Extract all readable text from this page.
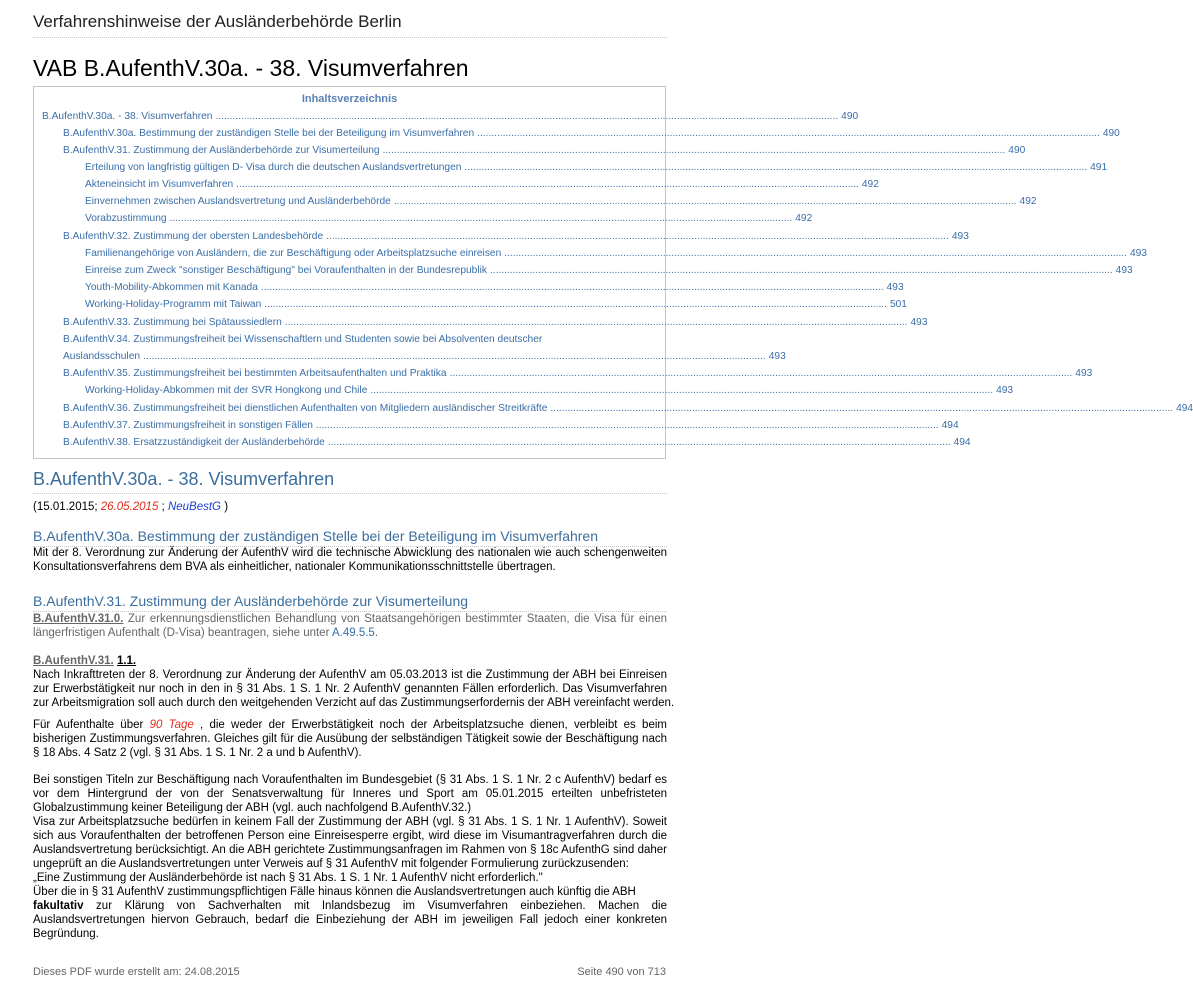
Verfahrenshinweise der Ausländerbehörde Berlin
VAB B.AufenthV.30a. - 38. Visumverfahren
Inhaltsverzeichnis
B.AufenthV.30a. - 38. Visumverfahren ............................................................................................................................................................................................................................ 490
B.AufenthV.30a. Bestimmung der zuständigen Stelle bei der Beteiligung im Visumverfahren ............................................................................................................................................................................................................................ 490
B.AufenthV.31. Zustimmung der Ausländerbehörde zur Visumerteilung ............................................................................................................................................................................................................................ 490
Erteilung von langfristig gültigen D- Visa durch die deutschen Auslandsvertretungen ............................................................................................................................................................................................................................ 491
Akteneinsicht im Visumverfahren ............................................................................................................................................................................................................................ 492
Einvernehmen zwischen Auslandsvertretung und Ausländerbehörde ............................................................................................................................................................................................................................ 492
Vorabzustimmung ............................................................................................................................................................................................................................ 492
B.AufenthV.32. Zustimmung der obersten Landesbehörde ............................................................................................................................................................................................................................ 493
Familienangehörige von Ausländern, die zur Beschäftigung oder Arbeitsplatzsuche einreisen ............................................................................................................................................................................................................................ 493
Einreise zum Zweck "sonstiger Beschäftigung" bei Voraufenthalten in der Bundesrepublik ............................................................................................................................................................................................................................ 493
Youth-Mobility-Abkommen mit Kanada ............................................................................................................................................................................................................................ 493
Working-Holiday-Programm mit Taiwan ............................................................................................................................................................................................................................ 501
B.AufenthV.33. Zustimmung bei Spätaussiedlern ............................................................................................................................................................................................................................ 493
B.AufenthV.34. Zustimmungsfreiheit bei Wissenschaftlern und Studenten sowie bei Absolventen deutscher
Auslandsschulen ............................................................................................................................................................................................................................ 493
B.AufenthV.35. Zustimmungsfreiheit bei bestimmten Arbeitsaufenthalten und Praktika ............................................................................................................................................................................................................................ 493
Working-Holiday-Abkommen mit der SVR Hongkong und Chile ............................................................................................................................................................................................................................ 493
B.AufenthV.36. Zustimmungsfreiheit bei dienstlichen Aufenthalten von Mitgliedern ausländischer Streitkräfte ............................................................................................................................................................................................................................ 494
B.AufenthV.37. Zustimmungsfreiheit in sonstigen Fällen ............................................................................................................................................................................................................................ 494
B.AufenthV.38. Ersatzzuständigkeit der Ausländerbehörde ............................................................................................................................................................................................................................ 494
B.AufenthV.30a. - 38. Visumverfahren
(15.01.2015; 26.05.2015 ; NeuBestG )
B.AufenthV.30a. Bestimmung der zuständigen Stelle bei der Beteiligung im Visumverfahren
Mit der 8. Verordnung zur Änderung der AufenthV wird die technische Abwicklung des nationalen wie auch schengenweiten
Konsultationsverfahrens dem BVA als einheitlicher, nationaler Kommunikationsschnittstelle übertragen.
B.AufenthV.31. Zustimmung der Ausländerbehörde zur Visumerteilung
B.AufenthV.31.0. Zur erkennungsdienstlichen Behandlung von Staatsangehörigen bestimmter Staaten, die Visa für einen
längerfristigen Aufenthalt (D-Visa) beantragen, siehe unter A.49.5.5.
B.AufenthV.31. 1.1.
Nach Inkrafttreten der 8. Verordnung zur Änderung der AufenthV am 05.03.2013 ist die Zustimmung der ABH bei Einreisen
zur Erwerbstätigkeit nur noch in den in § 31 Abs. 1 S. 1 Nr. 2 AufenthV genannten Fällen erforderlich. Das Visumverfahren
zur Arbeitsmigration soll auch durch den weitgehenden Verzicht auf das Zustimmungserfordernis der ABH vereinfacht werden.
Für Aufenthalte über 90 Tage , die weder der Erwerbstätigkeit noch der Arbeitsplatzsuche dienen, verbleibt es beim
bisherigen Zustimmungsverfahren. Gleiches gilt für die Ausübung der selbständigen Tätigkeit sowie der Beschäftigung nach
§ 18 Abs. 4 Satz 2 (vgl. § 31 Abs. 1 S. 1 Nr. 2 a und b AufenthV).
Bei sonstigen Titeln zur Beschäftigung nach Voraufenthalten im Bundesgebiet (§ 31 Abs. 1 S. 1 Nr. 2 c AufenthV) bedarf es
vor dem Hintergrund der von der Senatsverwaltung für Inneres und Sport am 05.01.2015 erteilten unbefristeten
Globalzustimmung keiner Beteiligung der ABH (vgl. auch nachfolgend B.AufenthV.32.)
Visa zur Arbeitsplatzsuche bedürfen in keinem Fall der Zustimmung der ABH (vgl. § 31 Abs. 1 S. 1 Nr. 1 AufenthV). Soweit
sich aus Voraufenthalten der betroffenen Person eine Einreisesperre ergibt, wird diese im Visumantragverfahren durch die
Auslandsvertretung berücksichtigt. An die ABH gerichtete Zustimmungsanfragen im Rahmen von § 18c AufenthG sind daher
ungeprüft an die Auslandsvertretungen unter Verweis auf § 31 AufenthV mit folgender Formulierung zurückzusenden:
„Eine Zustimmung der Ausländerbehörde ist nach § 31 Abs. 1 S. 1 Nr. 1 AufenthV nicht erforderlich."
Über die in § 31 AufenthV zustimmungspflichtigen Fälle hinaus können die Auslandsvertretungen auch künftig die ABH
fakultativ zur Klärung von Sachverhalten mit Inlandsbezug im Visumverfahren einbeziehen. Machen die
Auslandsvertretungen hiervon Gebrauch, bedarf die Einbeziehung der ABH im jeweiligen Fall jedoch einer konkreten
Begründung.
Dieses PDF wurde erstellt am: 24.08.2015	Seite 490 von 713
